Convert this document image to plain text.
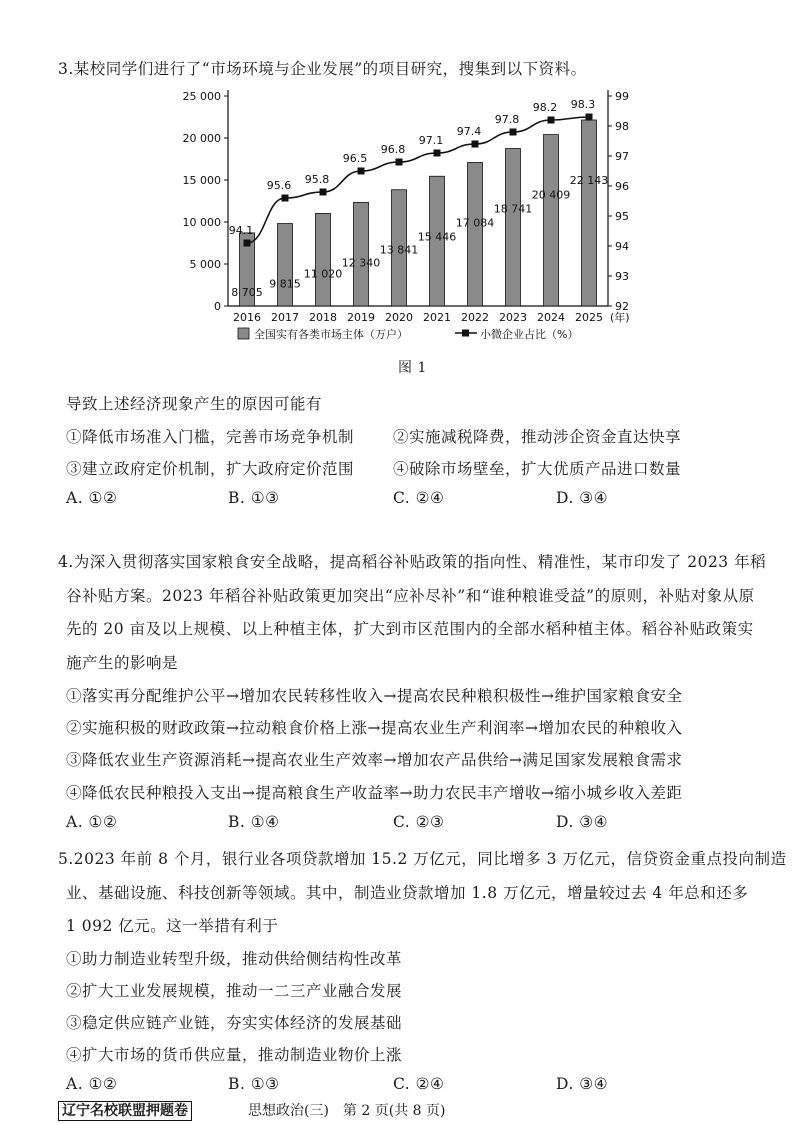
3.某校同学们进行了“市场环境与企业发展”的项目研究，搜集到以下资料。
0
5 000
10 000
15 000
20 000
25 000
92
93
94
95
96
97
98
99
8 705
9 815
11 020
12 340
13 841
15 446
17 084
18 741
20 409
22 143
94.1
95.6 95.8
96.5
96.8
97.1
97.4
97.8
98.2 98.3
2016 2017 2018 2019 2020 2021 2022 2023 2024 2025 (年)
全国实有各类市场主体（万户）	小微企业占比（%）
图 1
导致上述经济现象产生的原因可能有
①降低市场准入门槛，完善市场竞争机制	②实施减税降费，推动涉企资金直达快享
③建立政府定价机制，扩大政府定价范围	④破除市场壁垒，扩大优质产品进口数量
A. ①②	B. ①③	C. ②④	D. ③④
4.为深入贯彻落实国家粮食安全战略，提高稻谷补贴政策的指向性、精准性，某市印发了 2023 年稻
谷补贴方案。2023 年稻谷补贴政策更加突出“应补尽补”和“谁种粮谁受益”的原则，补贴对象从原
先的 20 亩及以上规模、以上种植主体，扩大到市区范围内的全部水稻种植主体。稻谷补贴政策实
施产生的影响是
①落实再分配维护公平→增加农民转移性收入→提高农民种粮积极性→维护国家粮食安全
②实施积极的财政政策→拉动粮食价格上涨→提高农业生产利润率→增加农民的种粮收入
③降低农业生产资源消耗→提高农业生产效率→增加农产品供给→满足国家发展粮食需求
④降低农民种粮投入支出→提高粮食生产收益率→助力农民丰产增收→缩小城乡收入差距
A. ①②	B. ①④	C. ②③	D. ③④
5.2023 年前 8 个月，银行业各项贷款增加 15.2 万亿元，同比增多 3 万亿元，信贷资金重点投向制造
业、基础设施、科技创新等领域。其中，制造业贷款增加 1.8 万亿元，增量较过去 4 年总和还多
1 092 亿元。这一举措有利于
①助力制造业转型升级，推动供给侧结构性改革
②扩大工业发展规模，推动一二三产业融合发展
③稳定供应链产业链，夯实实体经济的发展基础
④扩大市场的货币供应量，推动制造业物价上涨
A. ①②	B. ①③	C. ②④	D. ③④
辽宁名校联盟押题卷	思想政治(三)　第 2 页(共 8 页)
